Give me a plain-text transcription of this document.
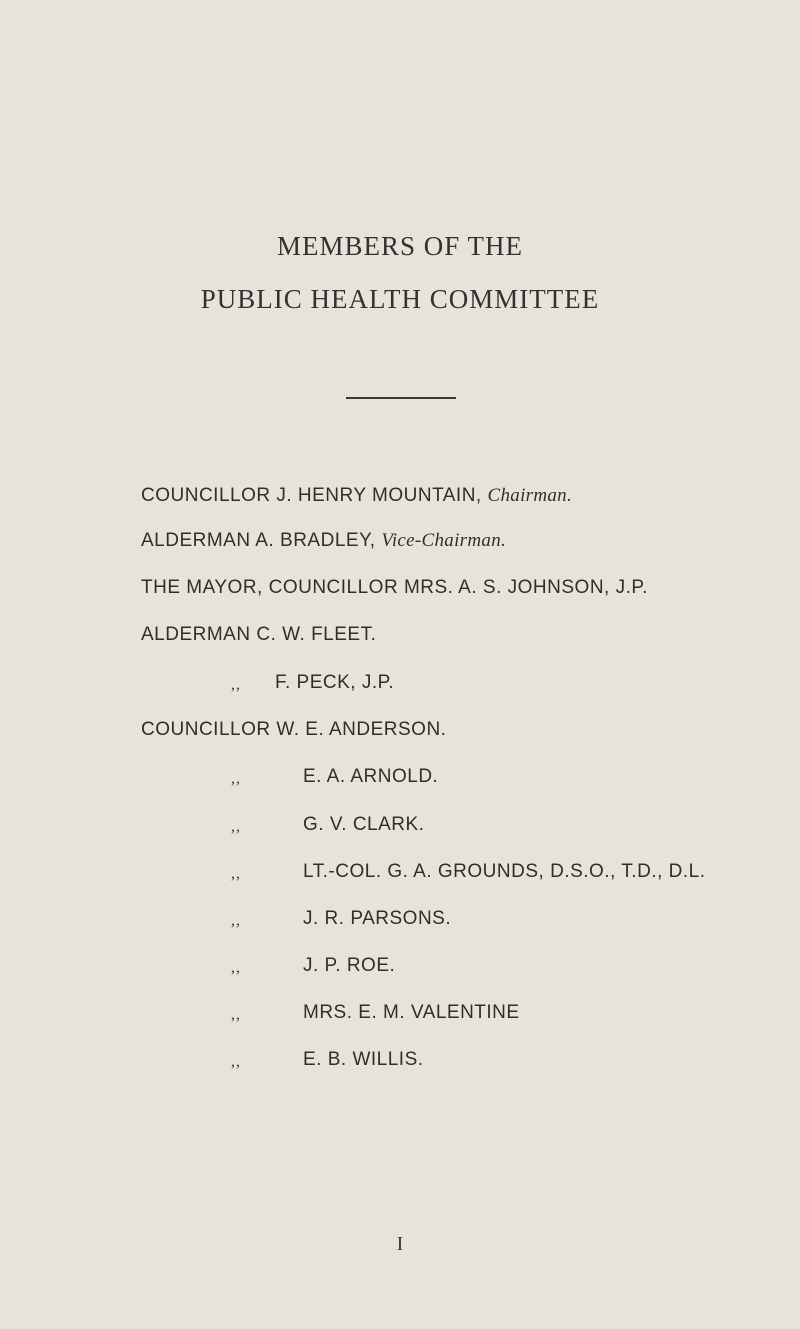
MEMBERS OF THE
PUBLIC HEALTH COMMITTEE
COUNCILLOR J. HENRY MOUNTAIN, Chairman.
ALDERMAN A. BRADLEY, Vice-Chairman.
THE MAYOR, COUNCILLOR MRS. A. S. JOHNSON, J.P.
ALDERMAN C. W. FLEET.
,, F. PECK, J.P.
COUNCILLOR W. E. ANDERSON.
,,	E. A. ARNOLD.
,,	G. V. CLARK.
,,	LT.-COL. G. A. GROUNDS, D.S.O., T.D., D.L.
,,	J. R. PARSONS.
,,	J. P. ROE.
,,	MRS. E. M. VALENTINE
,,	E. B. WILLIS.
I
